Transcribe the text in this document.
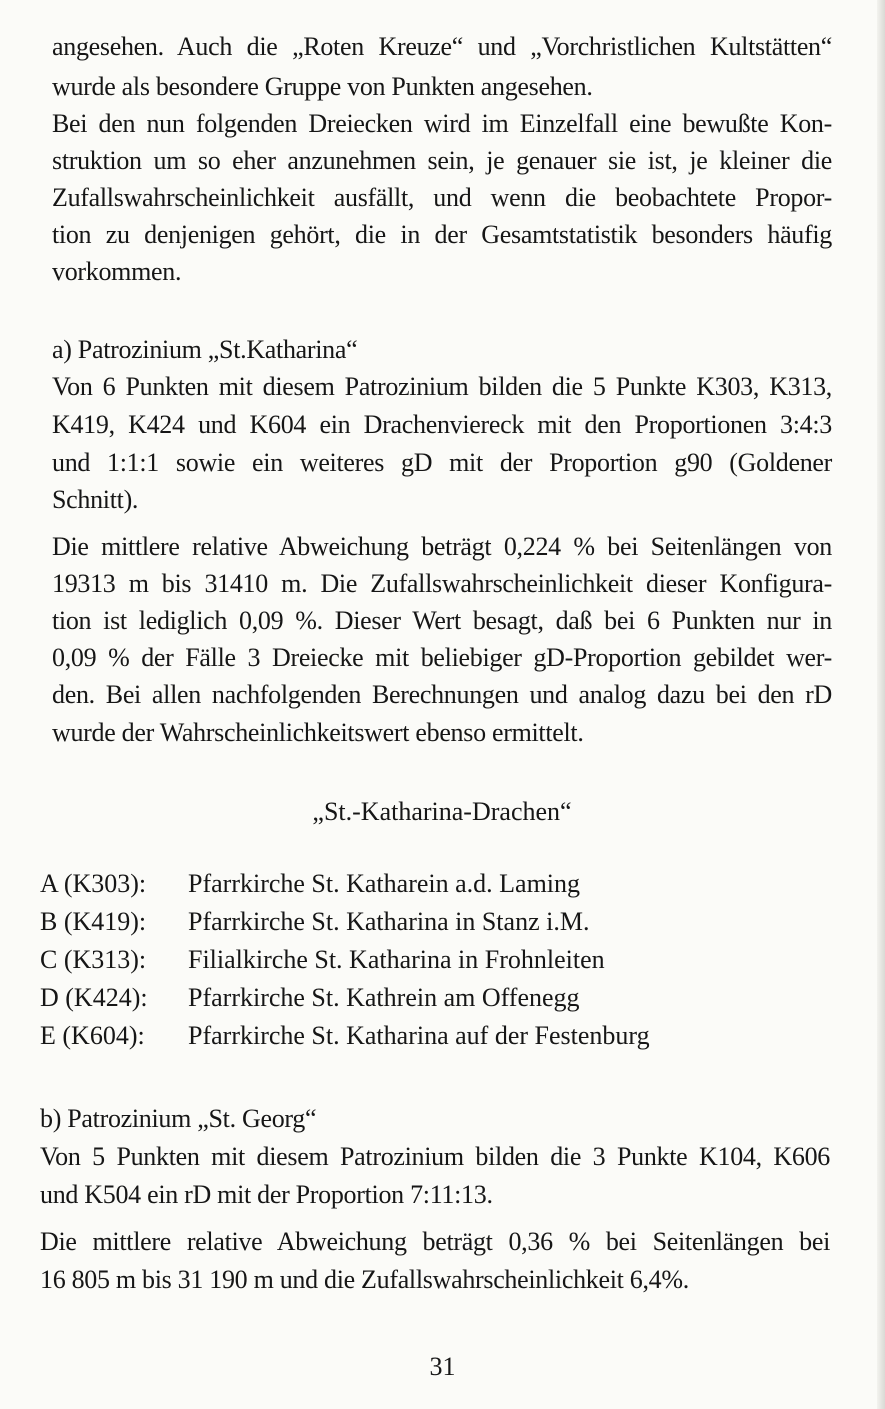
angesehen. Auch die „Roten Kreuze“ und „Vorchristlichen Kultstätten“
wurde als besondere Gruppe von Punkten angesehen.
Bei den nun folgenden Dreiecken wird im Einzelfall eine bewußte Kon-
struktion um so eher anzunehmen sein, je genauer sie ist, je kleiner die
Zufallswahrscheinlichkeit ausfällt, und wenn die beobachtete Propor-
tion zu denjenigen gehört, die in der Gesamtstatistik besonders häufig
vorkommen.
a) Patrozinium „St.Katharina“
Von 6 Punkten mit diesem Patrozinium bilden die 5 Punkte K303, K313,
K419, K424 und K604 ein Drachenviereck mit den Proportionen 3:4:3
und 1:1:1 sowie ein weiteres gD mit der Proportion g90 (Goldener
Schnitt).
Die mittlere relative Abweichung beträgt 0,224 % bei Seitenlängen von
19313 m bis 31410 m. Die Zufallswahrscheinlichkeit dieser Konfigura-
tion ist lediglich 0,09 %. Dieser Wert besagt, daß bei 6 Punkten nur in
0,09 % der Fälle 3 Dreiecke mit beliebiger gD-Proportion gebildet wer-
den. Bei allen nachfolgenden Berechnungen und analog dazu bei den rD
wurde der Wahrscheinlichkeitswert ebenso ermittelt.
„St.-Katharina-Drachen“
A (K303):	Pfarrkirche St. Katharein a.d. Laming
B (K419):	Pfarrkirche St. Katharina in Stanz i.M.
C (K313):	Filialkirche St. Katharina in Frohnleiten
D (K424):	Pfarrkirche St. Kathrein am Offenegg
E (K604):	Pfarrkirche St. Katharina auf der Festenburg
b) Patrozinium „St. Georg“
Von 5 Punkten mit diesem Patrozinium bilden die 3 Punkte K104, K606
und K504 ein rD mit der Proportion 7:11:13.
Die mittlere relative Abweichung beträgt 0,36 % bei Seitenlängen bei
16 805 m bis 31 190 m und die Zufallswahrscheinlichkeit 6,4%.
31
